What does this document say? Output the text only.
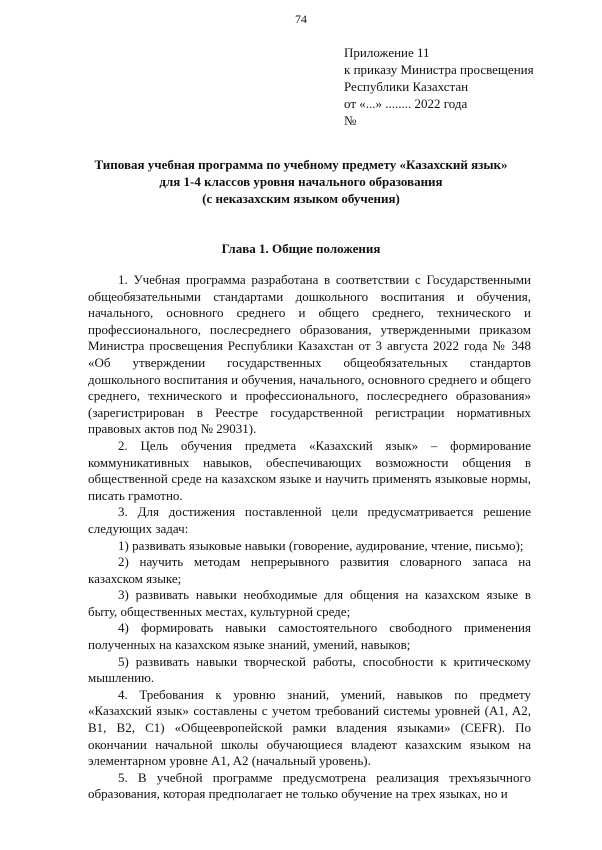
74
Приложение 11
к приказу Министра просвещения
Республики Казахстан
от «...» ........ 2022 года
№
Типовая учебная программа по учебному предмету «Казахский язык»
для 1-4 классов уровня начального образования
(с неказахским языком обучения)
Глава 1. Общие положения

1. Учебная программа разработана в соответствии с Государственными общеобязательными стандартами дошкольного воспитания и обучения, начального, основного среднего и общего среднего, технического и профессионального, послесреднего образования, утвержденными приказом Министра просвещения Республики Казахстан от 3 августа 2022 года № 348 «Об утверждении государственных общеобязательных стандартов дошкольного воспитания и обучения, начального, основного среднего и общего среднего, технического и профессионального, послесреднего образования» (зарегистрирован в Реестре государственной регистрации нормативных правовых актов под № 29031).

2. Цель обучения предмета «Казахский язык» – формирование коммуникативных навыков, обеспечивающих возможности общения в общественной среде на казахском языке и научить применять языковые нормы, писать грамотно.

3. Для достижения поставленной цели предусматривается решение следующих задач:

1) развивать языковые навыки (говорение, аудирование, чтение, письмо);

2) научить методам непрерывного развития словарного запаса на казахском языке;

3) развивать навыки необходимые для общения на казахском языке в быту, общественных местах, культурной среде;

4) формировать навыки самостоятельного свободного применения полученных на казахском языке знаний, умений, навыков;

5) развивать навыки творческой работы, способности к критическому мышлению.

4. Требования к уровню знаний, умений, навыков по предмету «Казахский язык» составлены с учетом требований системы уровней (A1, A2, B1, B2, C1) «Общеевропейской рамки владения языками» (CEFR). По окончании начальной школы обучающиеся владеют казахским языком на элементарном уровне A1, A2 (начальный уровень).

5. В учебной программе предусмотрена реализация трехъязычного образования, которая предполагает не только обучение на трех языках, но и
